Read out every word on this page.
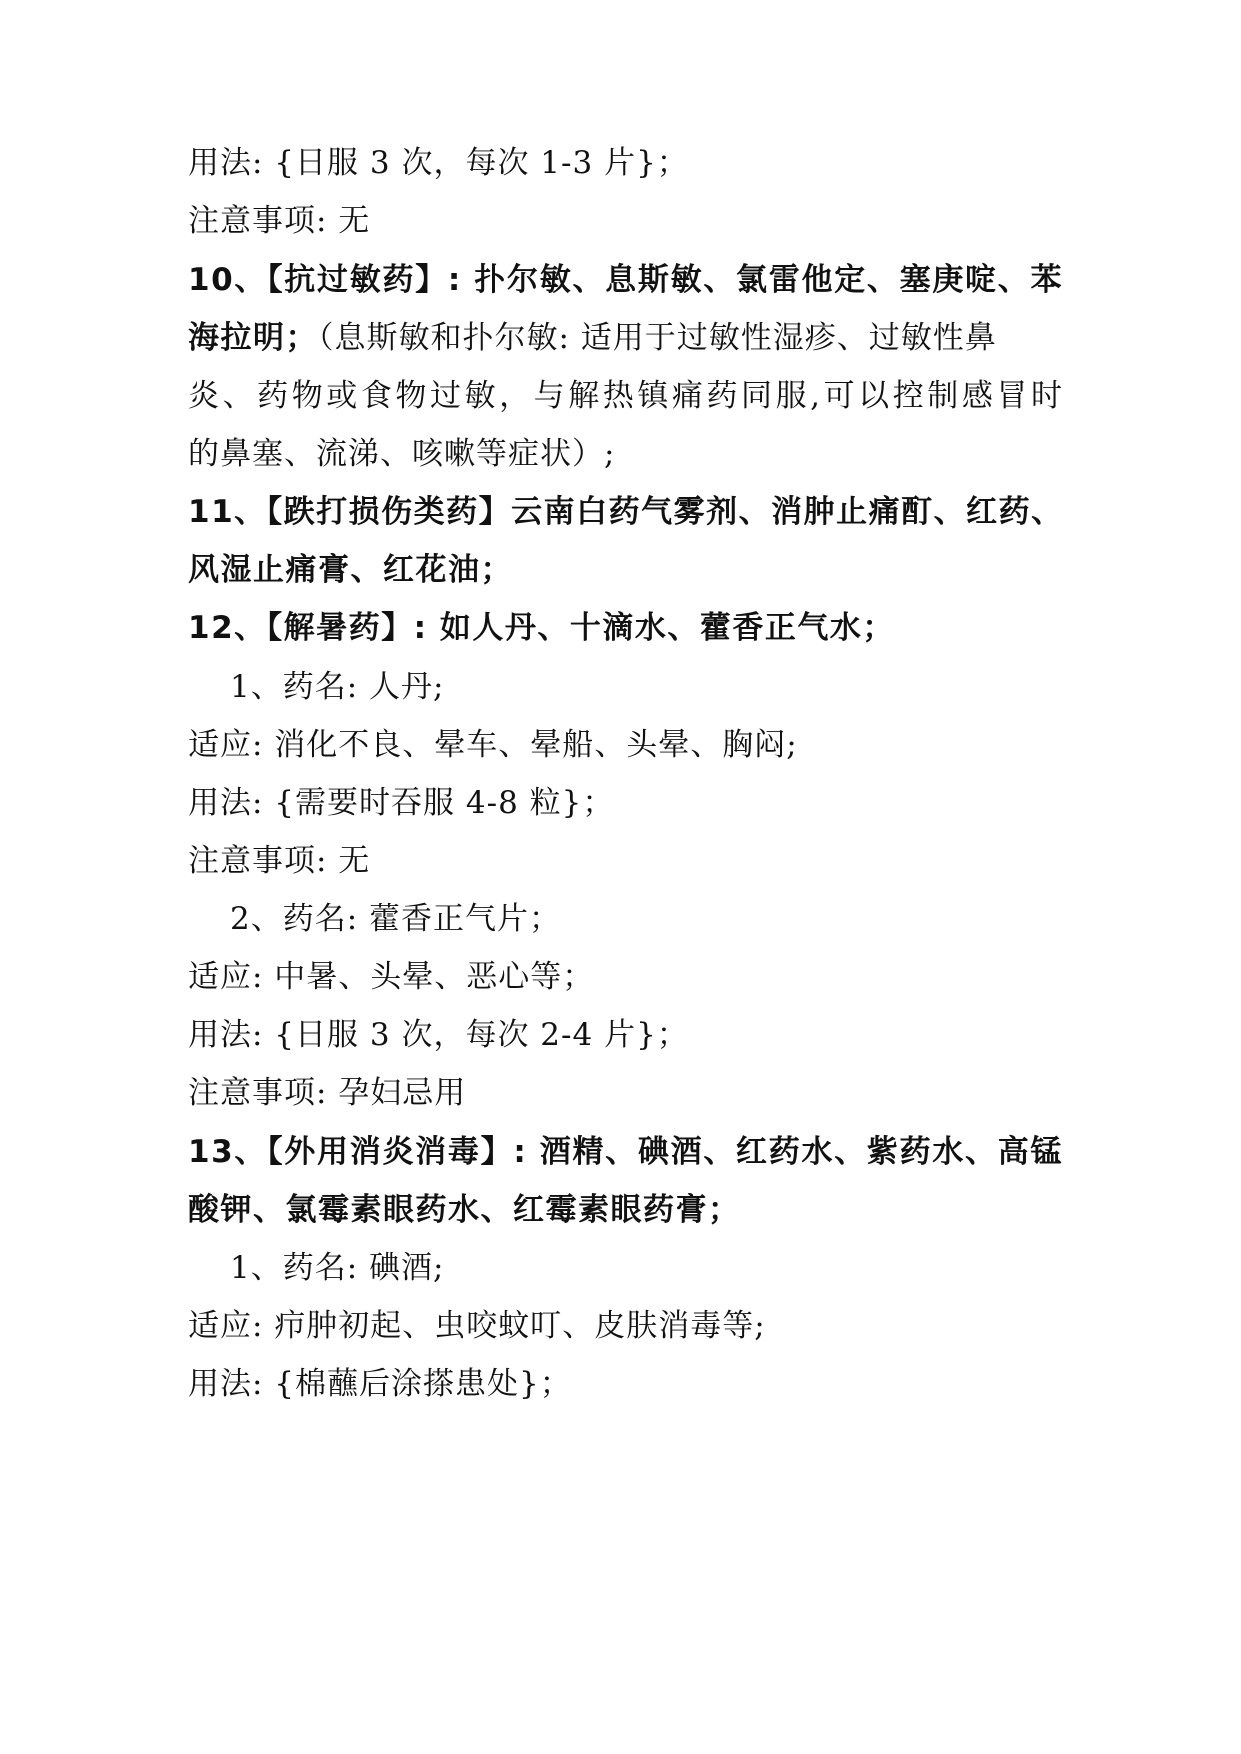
用法: {日服 3 次，每次 1-3 片}；
注意事项: 无
10、【抗过敏药】: 扑尔敏、息斯敏、氯雷他定、塞庚啶、苯
海拉明；（息斯敏和扑尔敏: 适用于过敏性湿疹、过敏性鼻
炎、药物或食物过敏，与解热镇痛药同服,可以控制感冒时
的鼻塞、流涕、咳嗽等症状）;
11、【跌打损伤类药】云南白药气雾剂、消肿止痛酊、红药、
风湿止痛膏、红花油；
12、【解暑药】: 如人丹、十滴水、藿香正气水；
1、药名: 人丹;
适应: 消化不良、晕车、晕船、头晕、胸闷;
用法: {需要时吞服 4-8 粒}；
注意事项: 无
2、药名: 藿香正气片；
适应: 中暑、头晕、恶心等；
用法: {日服 3 次，每次 2-4 片}；
注意事项: 孕妇忌用
13、【外用消炎消毒】: 酒精、碘酒、红药水、紫药水、高锰
酸钾、氯霉素眼药水、红霉素眼药膏；
1、药名: 碘酒;
适应: 疖肿初起、虫咬蚊叮、皮肤消毒等;
用法: {棉蘸后涂搽患处}；
